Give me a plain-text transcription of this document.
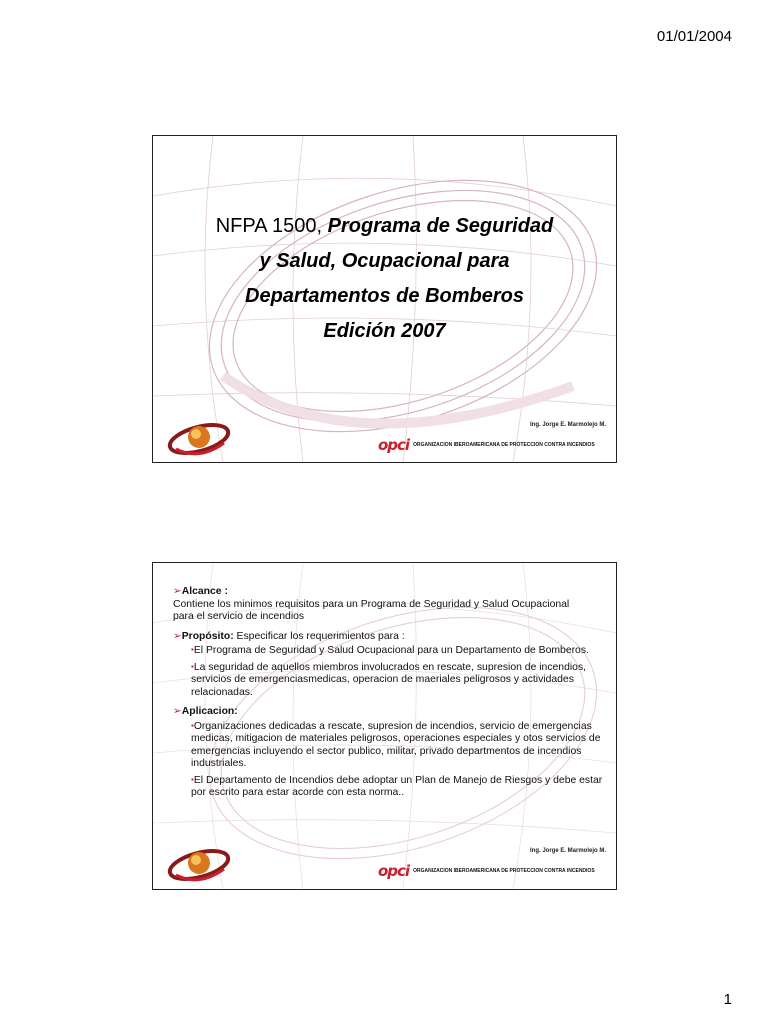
01/01/2004
NFPA 1500, Programa de Seguridad
y Salud, Ocupacional para
Departamentos de Bomberos
Edición 2007
Ing. Jorge E. Marmolejo M.
opci ORGANIZACION IBEROAMERICANA DE PROTECCION CONTRA INCENDIOS
➢Alcance :
Contiene los minimos requisitos para un Programa de Seguridad y Salud Ocupacional
para el servicio de incendios
➢Propósito: Especificar los requerimientos para :
▪El Programa de Seguridad y Salud Ocupacional para un Departamento de Bomberos.
▪La seguridad de aquellos miembros involucrados en rescate, supresion de incendios, servicios de emergenciasmedicas, operacion de maeriales peligrosos y actividades relacionadas.
➢Aplicacion:
▪Organizaciones dedicadas a rescate, supresion de incendios, servicio de emergencias medicas, mitigacion de materiales peligrosos, operaciones especiales y otos servicios de emergencias incluyendo el sector publico, militar, privado departmentos de incendios industriales.
▪El Departamento de Incendios debe adoptar un Plan de Manejo de Riesgos y debe estar por escrito para estar acorde con esta norma..
Ing. Jorge E. Marmolejo M.
opci ORGANIZACION IBEROAMERICANA DE PROTECCION CONTRA INCENDIOS
1
